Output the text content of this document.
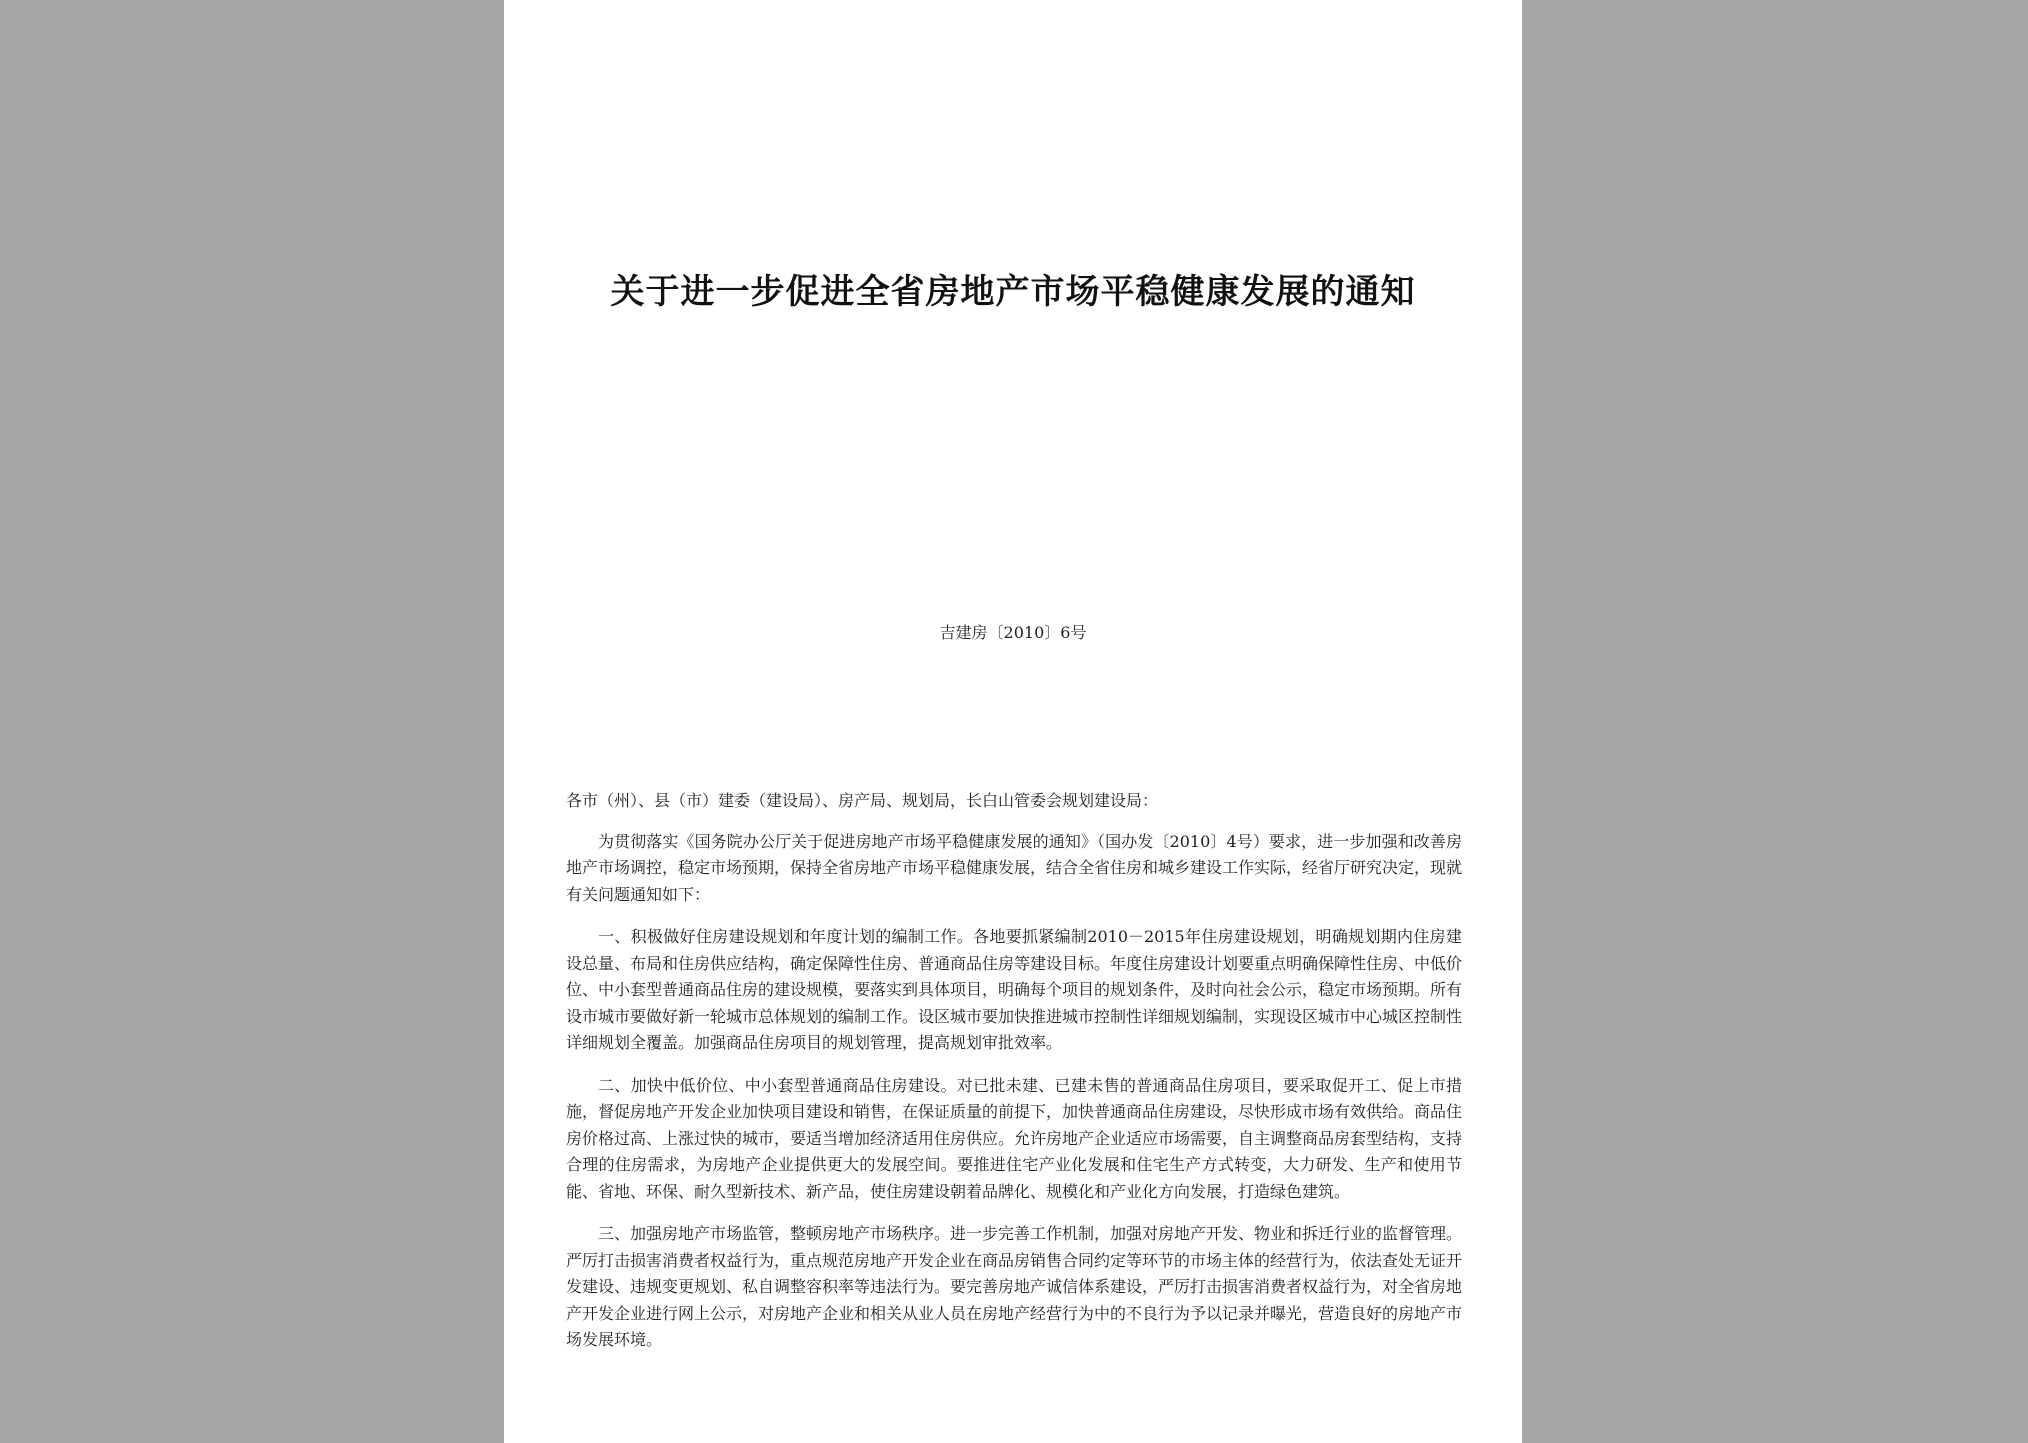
关于进一步促进全省房地产市场平稳健康发展的通知
吉建房〔2010〕6号

各市（州）、县（市）建委（建设局）、房产局、规划局，长白山管委会规划建设局：

为贯彻落实《国务院办公厅关于促进房地产市场平稳健康发展的通知》（国办发〔2010〕4号）要求，进一步加强和改善房地产市场调控，稳定市场预期，保持全省房地产市场平稳健康发展，结合全省住房和城乡建设工作实际，经省厅研究决定，现就有关问题通知如下：

一、积极做好住房建设规划和年度计划的编制工作。各地要抓紧编制2010－2015年住房建设规划，明确规划期内住房建设总量、布局和住房供应结构，确定保障性住房、普通商品住房等建设目标。年度住房建设计划要重点明确保障性住房、中低价位、中小套型普通商品住房的建设规模，要落实到具体项目，明确每个项目的规划条件，及时向社会公示，稳定市场预期。所有设市城市要做好新一轮城市总体规划的编制工作。设区城市要加快推进城市控制性详细规划编制，实现设区城市中心城区控制性详细规划全覆盖。加强商品住房项目的规划管理，提高规划审批效率。

二、加快中低价位、中小套型普通商品住房建设。对已批未建、已建未售的普通商品住房项目，要采取促开工、促上市措施，督促房地产开发企业加快项目建设和销售，在保证质量的前提下，加快普通商品住房建设，尽快形成市场有效供给。商品住房价格过高、上涨过快的城市，要适当增加经济适用住房供应。允许房地产企业适应市场需要，自主调整商品房套型结构，支持合理的住房需求，为房地产企业提供更大的发展空间。要推进住宅产业化发展和住宅生产方式转变，大力研发、生产和使用节能、省地、环保、耐久型新技术、新产品，使住房建设朝着品牌化、规模化和产业化方向发展，打造绿色建筑。

三、加强房地产市场监管，整顿房地产市场秩序。进一步完善工作机制，加强对房地产开发、物业和拆迁行业的监督管理。严厉打击损害消费者权益行为，重点规范房地产开发企业在商品房销售合同约定等环节的市场主体的经营行为，依法查处无证开发建设、违规变更规划、私自调整容积率等违法行为。要完善房地产诚信体系建设，严厉打击损害消费者权益行为，对全省房地产开发企业进行网上公示，对房地产企业和相关从业人员在房地产经营行为中的不良行为予以记录并曝光，营造良好的房地产市场发展环境。
